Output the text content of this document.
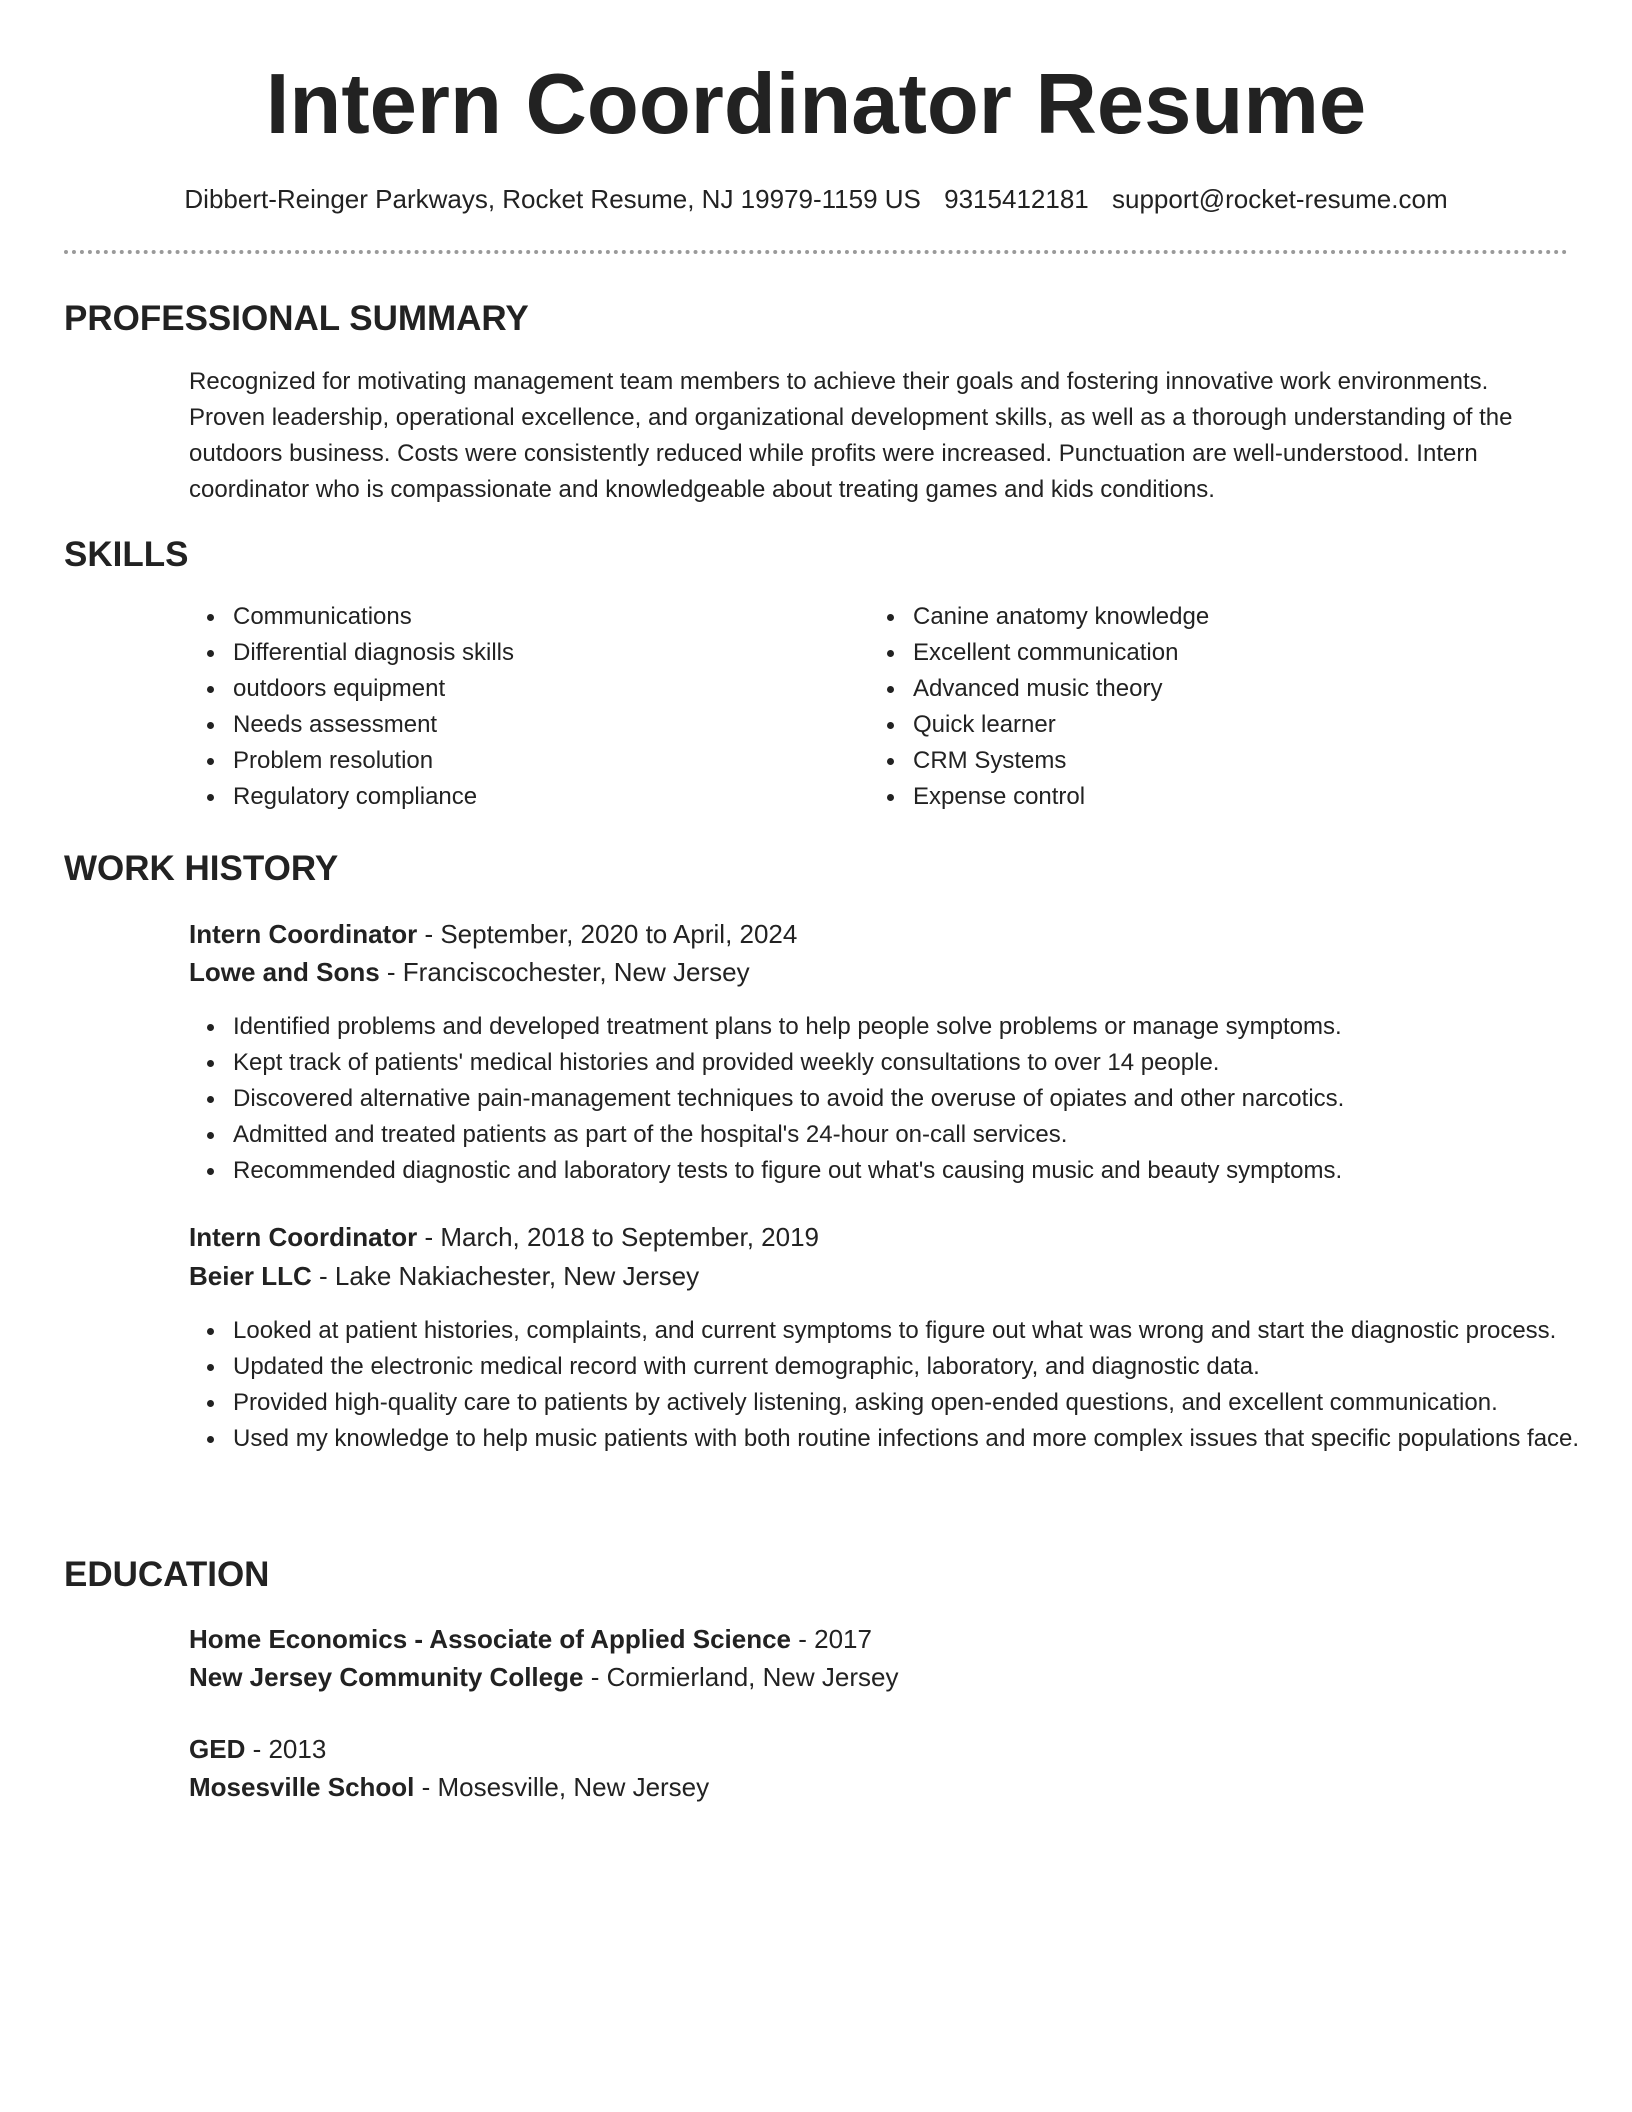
Intern Coordinator Resume
Dibbert-Reinger Parkways, Rocket Resume, NJ 19979-1159 US 9315412181 support@rocket-resume.com
PROFESSIONAL SUMMARY

Recognized for motivating management team members to achieve their goals and fostering innovative work environments. Proven leadership, operational excellence, and organizational development skills, as well as a thorough understanding of the outdoors business. Costs were consistently reduced while profits were increased. Punctuation are well-understood. Intern coordinator who is compassionate and knowledgeable about treating games and kids conditions.

SKILLS
Communications
Differential diagnosis skills
outdoors equipment
Needs assessment
Problem resolution
Regulatory compliance
Canine anatomy knowledge
Excellent communication
Advanced music theory
Quick learner
CRM Systems
Expense control
WORK HISTORY
Intern Coordinator - September, 2020 to April, 2024
Lowe and Sons - Franciscochester, New Jersey
Identified problems and developed treatment plans to help people solve problems or manage symptoms.
Kept track of patients' medical histories and provided weekly consultations to over 14 people.
Discovered alternative pain-management techniques to avoid the overuse of opiates and other narcotics.
Admitted and treated patients as part of the hospital's 24-hour on-call services.
Recommended diagnostic and laboratory tests to figure out what's causing music and beauty symptoms.
Intern Coordinator - March, 2018 to September, 2019
Beier LLC - Lake Nakiachester, New Jersey
Looked at patient histories, complaints, and current symptoms to figure out what was wrong and start the diagnostic process.
Updated the electronic medical record with current demographic, laboratory, and diagnostic data.
Provided high-quality care to patients by actively listening, asking open-ended questions, and excellent communication.
Used my knowledge to help music patients with both routine infections and more complex issues that specific populations face.
EDUCATION
Home Economics - Associate of Applied Science - 2017
New Jersey Community College - Cormierland, New Jersey
GED - 2013
Mosesville School - Mosesville, New Jersey
